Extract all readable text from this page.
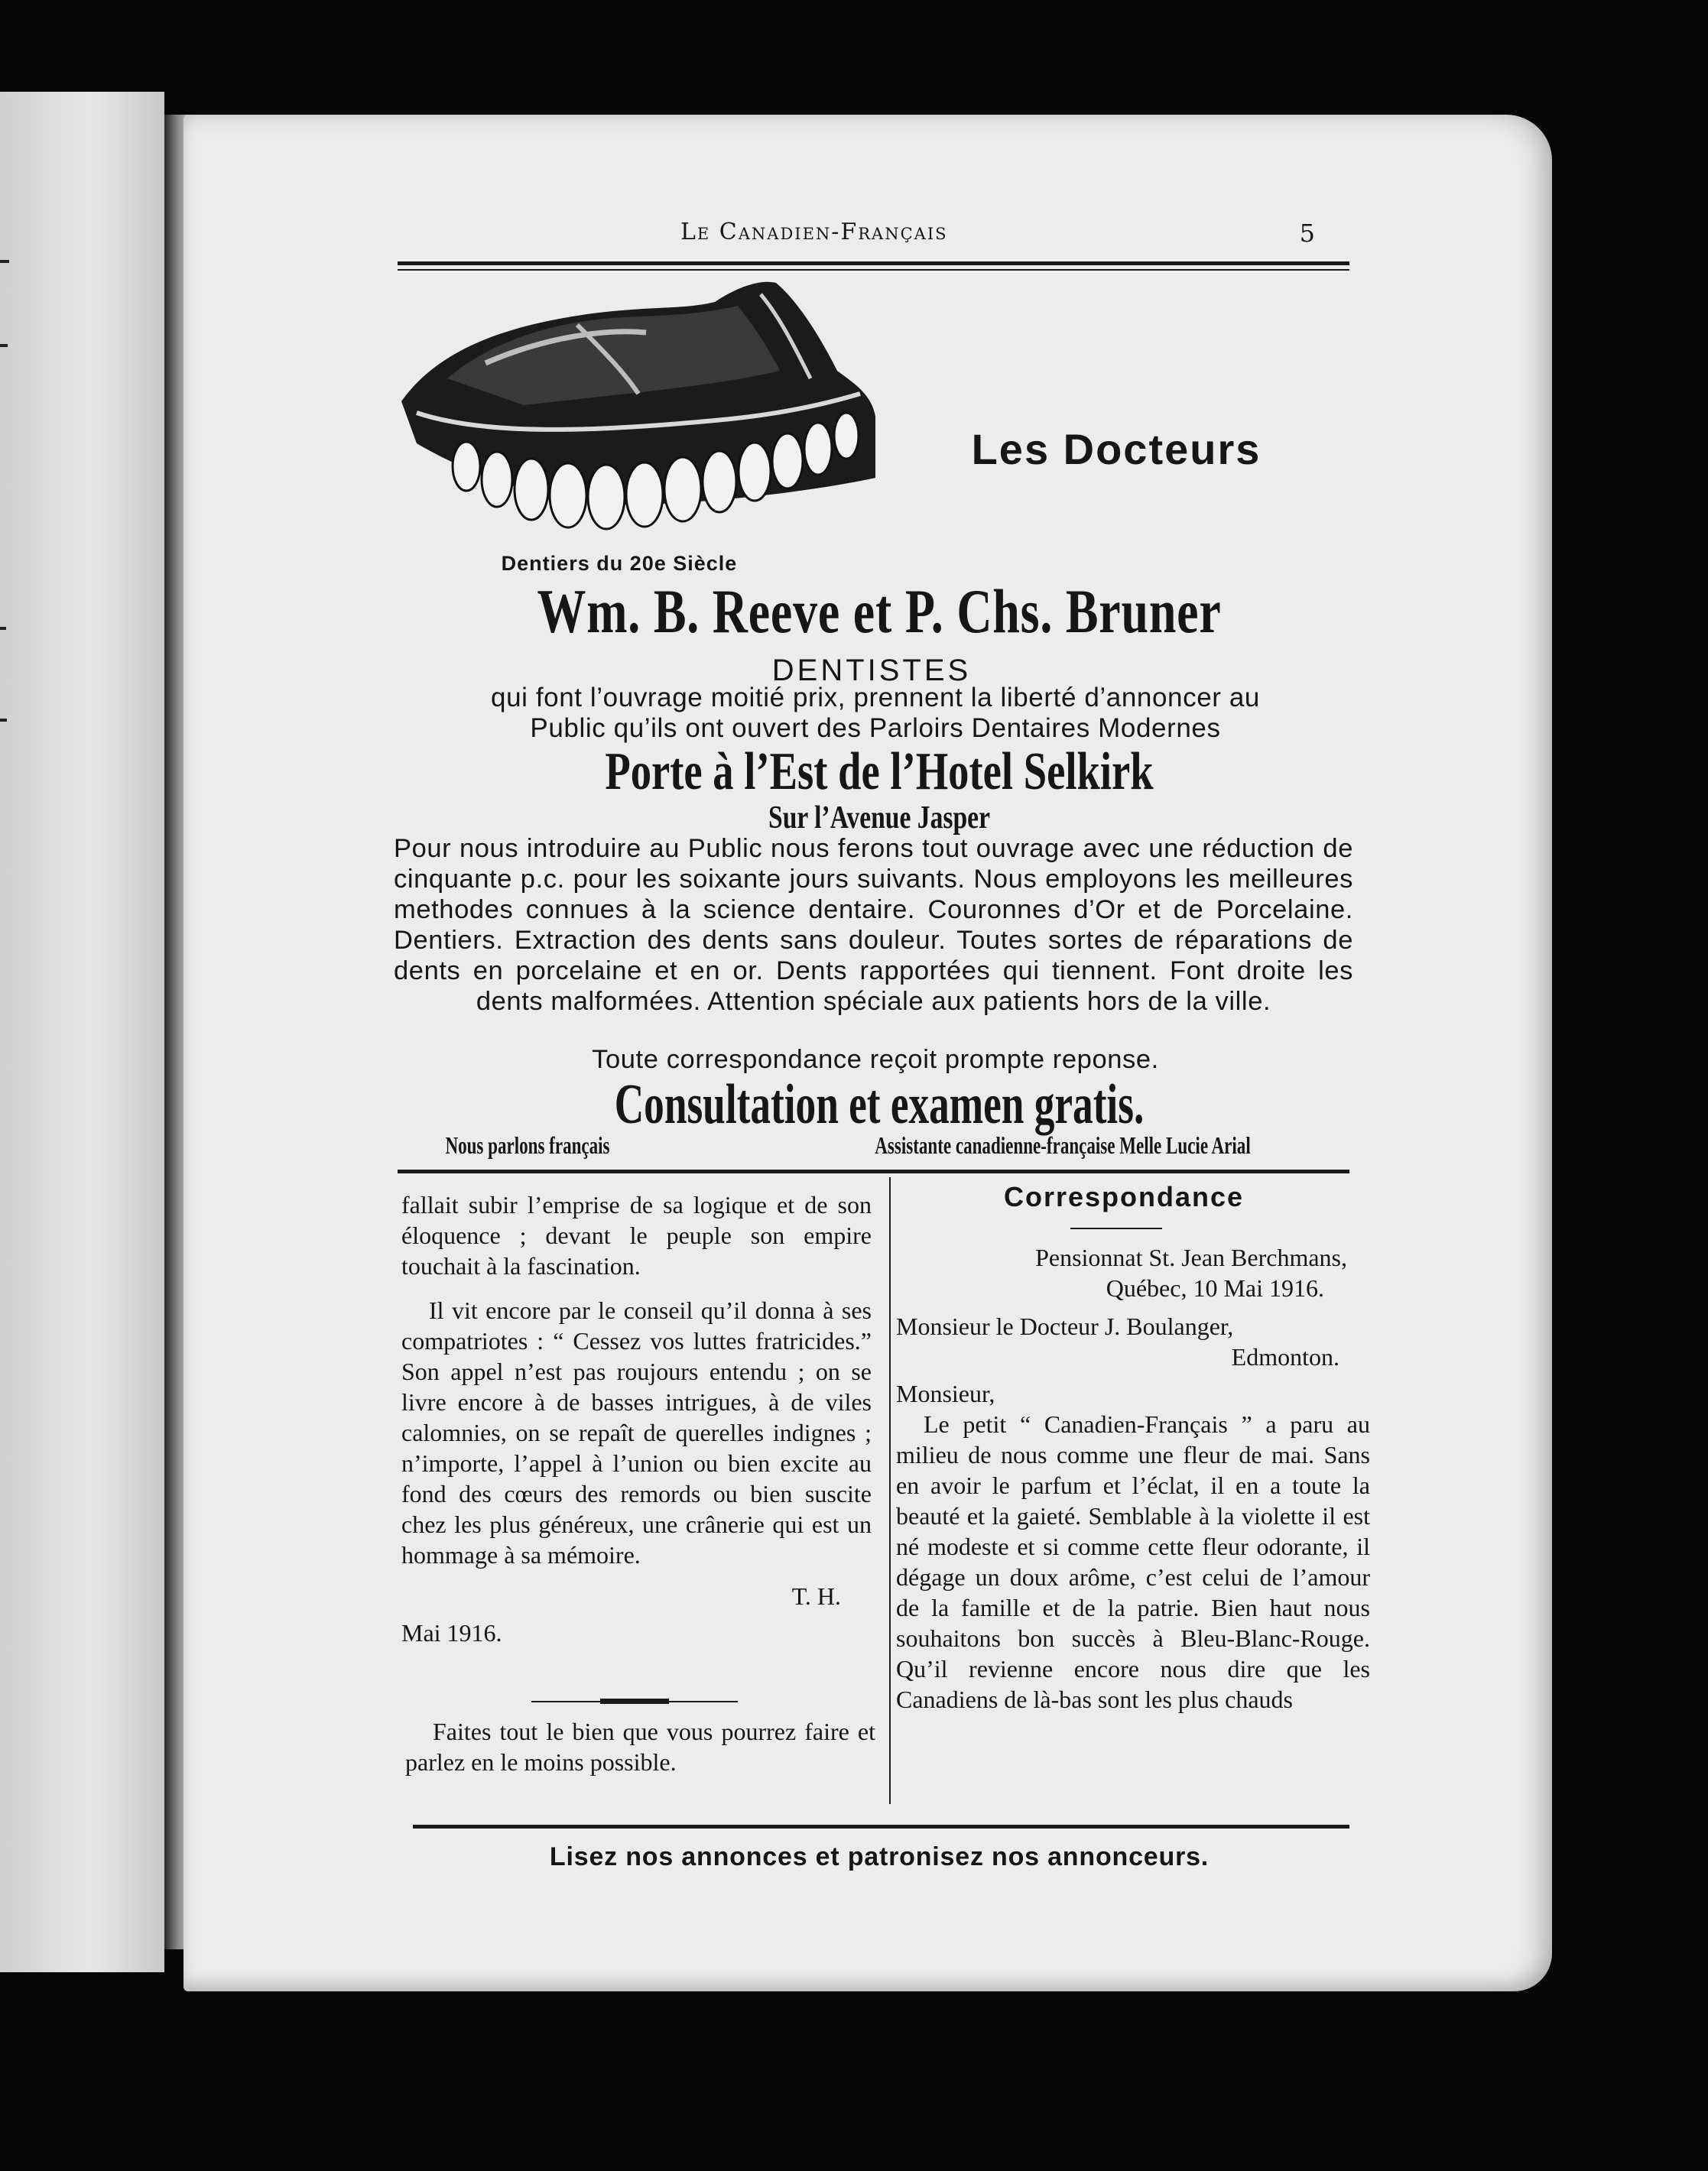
Le Canadien-Français	5
Les Docteurs
Dentiers du 20e Siècle
Wm. B. Reeve et P. Chs. Bruner
DENTISTES
qui font l’ouvrage moitié prix, prennent la liberté d’annoncer au
Public qu’ils ont ouvert des Parloirs Dentaires Modernes
Porte à l’Est de l’Hotel Selkirk
Sur l’Avenue Jasper
Pour nous introduire au Public nous ferons tout ouvrage avec une réduction de cinquante p.c. pour les soixante jours suivants. Nous employons les meilleures methodes connues à la science dentaire. Couronnes d’Or et de Porcelaine. Dentiers. Extraction des dents sans douleur. Toutes sortes de réparations de dents en porcelaine et en or. Dents rapportées qui tiennent. Font droite les dents malformées. Attention spéciale aux patients hors de la ville.
Toute correspondance reçoit prompte reponse.
Consultation et examen gratis.
Nous parlons français	Assistante canadienne-française Melle Lucie Arial

fallait subir l’emprise de sa logique et de son éloquence ; devant le peuple son empire touchait à la fascination.

Il vit encore par le conseil qu’il donna à ses compatriotes : “ Cessez vos luttes fratricides.” Son appel n’est pas roujours entendu ; on se livre encore à de basses intrigues, à de viles calomnies, on se repaît de querelles indignes ; n’importe, l’appel à l’union ou bien excite au fond des cœurs des remords ou bien suscite chez les plus généreux, une crânerie qui est un hommage à sa mémoire.

T. H.

Mai 1916.

Faites tout le bien que vous pourrez faire et parlez en le moins possible.

Correspondance

Pensionnat St. Jean Berchmans,

Québec, 10 Mai 1916.

Monsieur le Docteur J. Boulanger,

Edmonton.

Monsieur,

Le petit “ Canadien-Français ” a paru au milieu de nous comme une fleur de mai. Sans en avoir le parfum et l’éclat, il en a toute la beauté et la gaieté. Semblable à la violette il est né modeste et si comme cette fleur odorante, il dégage un doux arôme, c’est celui de l’amour de la famille et de la patrie. Bien haut nous souhaitons bon succès à Bleu-Blanc-Rouge. Qu’il revienne encore nous dire que les Canadiens de là-bas sont les plus chauds

Lisez nos annonces et patronisez nos annonceurs.
